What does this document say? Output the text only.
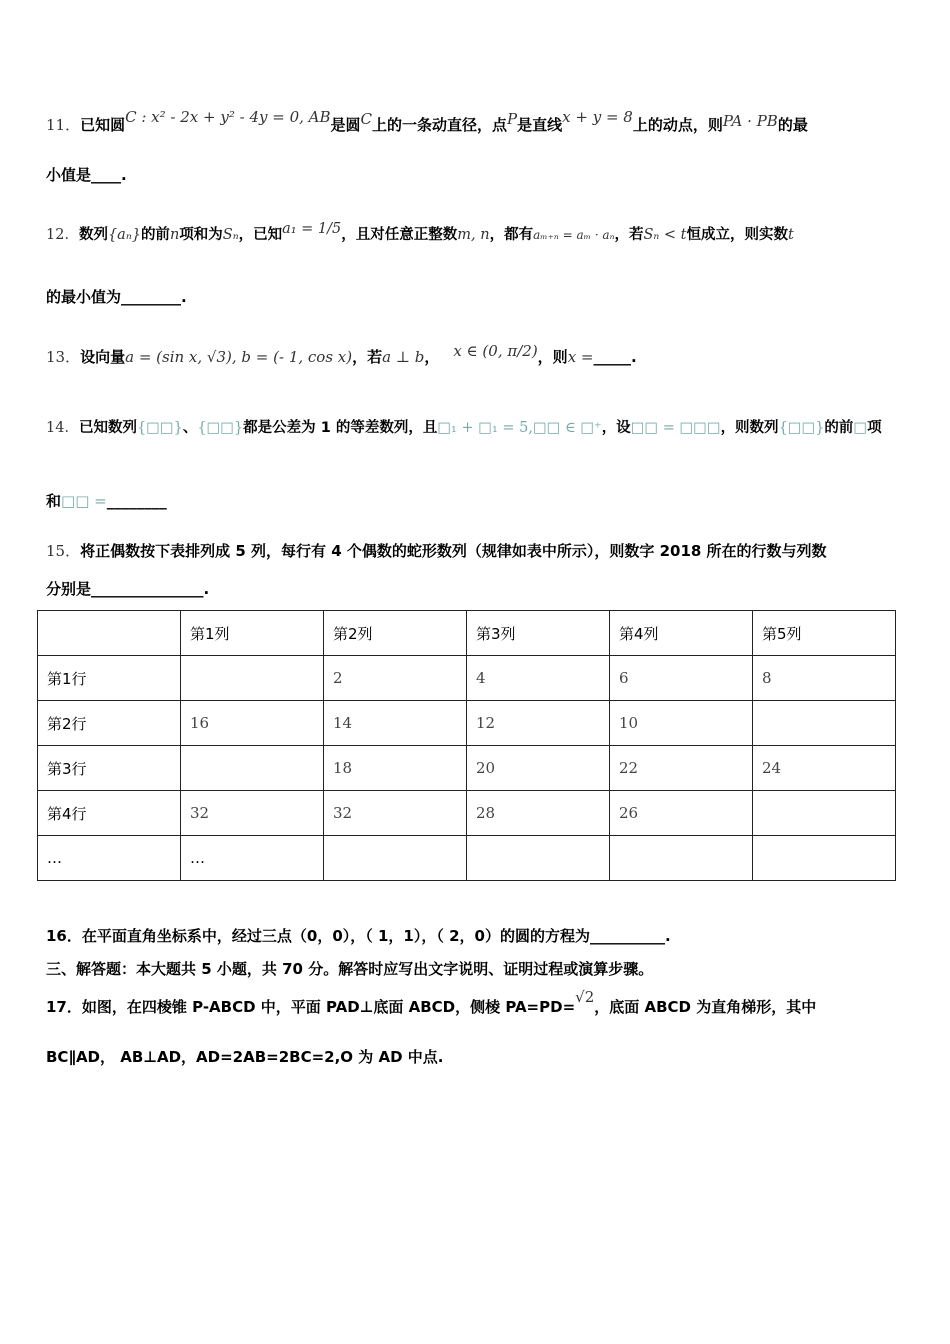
11．已知圆C : x² - 2x + y² - 4y = 0, AB是圆C上的一条动直径，点P是直线x + y = 8上的动点，则PA · PB的最
小值是____.
12．数列{aₙ}的前n项和为Sₙ，已知a₁ = 1/5，且对任意正整数m, n，都有aₘ₊ₙ = aₘ · aₙ，若Sₙ < t恒成立，则实数t
的最小值为________.
13．设向量a = (sin x, √3), b = (- 1, cos x)，若a ⊥ b， x ∈ (0, π/2)，则x =_____.
14．已知数列{□□}、{□□}都是公差为 1 的等差数列，且□₁ + □₁ = 5,□□ ∈ □⁺，设□□ = □□□，则数列{□□}的前□项
和□□ =________
15．将正偶数按下表排列成 5 列，每行有 4 个偶数的蛇形数列（规律如表中所示），则数字 2018 所在的行数与列数
分别是_______________.
	第1列	第2列	第3列	第4列	第5列
第1行		2	4	6	8
第2行	16	14	12	10	
第3行		18	20	22	24
第4行	32	32	28	26	
…	…				
16．在平面直角坐标系中，经过三点（0，0），（ 1，1），（ 2，0）的圆的方程为__________.
三、解答题：本大题共 5 小题，共 70 分。解答时应写出文字说明、证明过程或演算步骤。
17．如图，在四棱锥 P-ABCD 中，平面 PAD⊥底面 ABCD，侧棱 PA=PD=√2，底面 ABCD 为直角梯形，其中
BC∥AD， AB⊥AD，AD=2AB=2BC=2,O 为 AD 中点.
